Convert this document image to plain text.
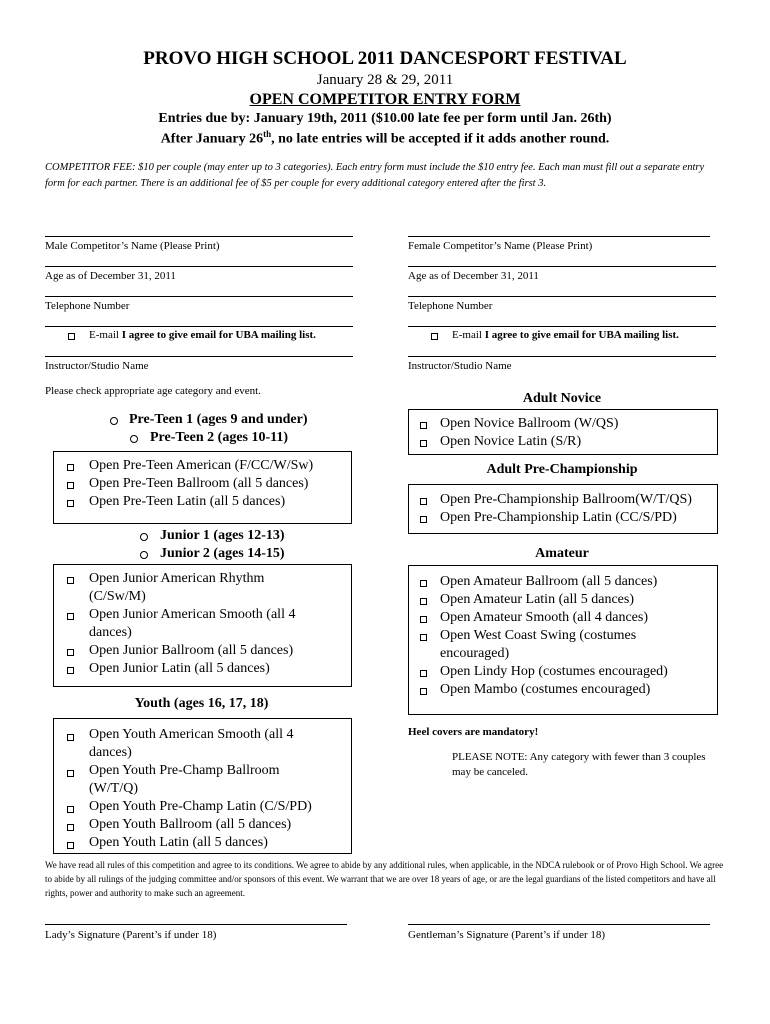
PROVO HIGH SCHOOL 2011 DANCESPORT FESTIVAL
January 28 & 29, 2011
OPEN COMPETITOR ENTRY FORM
Entries due by: January 19th, 2011 ($10.00 late fee per form until Jan. 26th)
After January 26th, no late entries will be accepted if it adds another round.
COMPETITOR FEE: $10 per couple (may enter up to 3 categories). Each entry form must include the $10 entry fee. Each man must fill out a separate entry form for each partner. There is an additional fee of $5 per couple for every additional category entered after the first 3.
Male Competitor’s Name (Please Print)
Age as of December 31, 2011
Telephone Number
E-mail I agree to give email for UBA mailing list.
Instructor/Studio Name
Female Competitor’s Name (Please Print)
Age as of December 31, 2011
Telephone Number
E-mail I agree to give email for UBA mailing list.
Instructor/Studio Name
Please check appropriate age category and event.
Pre-Teen 1 (ages 9 and under)
Pre-Teen 2 (ages 10-11)
Open Pre-Teen American (F/CC/W/Sw)
Open Pre-Teen Ballroom (all 5 dances)
Open Pre-Teen Latin (all 5 dances)
Junior 1 (ages 12-13)
Junior 2 (ages 14-15)
Open Junior American Rhythm
(C/Sw/M)
Open Junior American Smooth (all 4
dances)
Open Junior Ballroom (all 5 dances)
Open Junior Latin (all 5 dances)
Youth (ages 16, 17, 18)
Open Youth American Smooth (all 4
dances)
Open Youth Pre-Champ Ballroom
(W/T/Q)
Open Youth Pre-Champ Latin (C/S/PD)
Open Youth Ballroom (all 5 dances)
Open Youth Latin (all 5 dances)
Adult Novice
Open Novice Ballroom (W/QS)
Open Novice Latin (S/R)
Adult Pre-Championship
Open Pre-Championship Ballroom(W/T/QS)
Open Pre-Championship Latin (CC/S/PD)
Amateur
Open Amateur Ballroom (all 5 dances)
Open Amateur Latin (all 5 dances)
Open Amateur Smooth (all 4 dances)
Open West Coast Swing (costumes
encouraged)
Open Lindy Hop (costumes encouraged)
Open Mambo (costumes encouraged)
Heel covers are mandatory!
PLEASE NOTE: Any category with fewer than 3 couples may be canceled.
We have read all rules of this competition and agree to its conditions. We agree to abide by any additional rules, when applicable, in the NDCA rulebook or of Provo High School. We agree to abide by all rulings of the judging committee and/or sponsors of this event. We warrant that we are over 18 years of age, or are the legal guardians of the listed competitors and have all rights, power and authority to make such an agreement.
Lady’s Signature (Parent’s if under 18)	Gentleman’s Signature (Parent’s if under 18)
